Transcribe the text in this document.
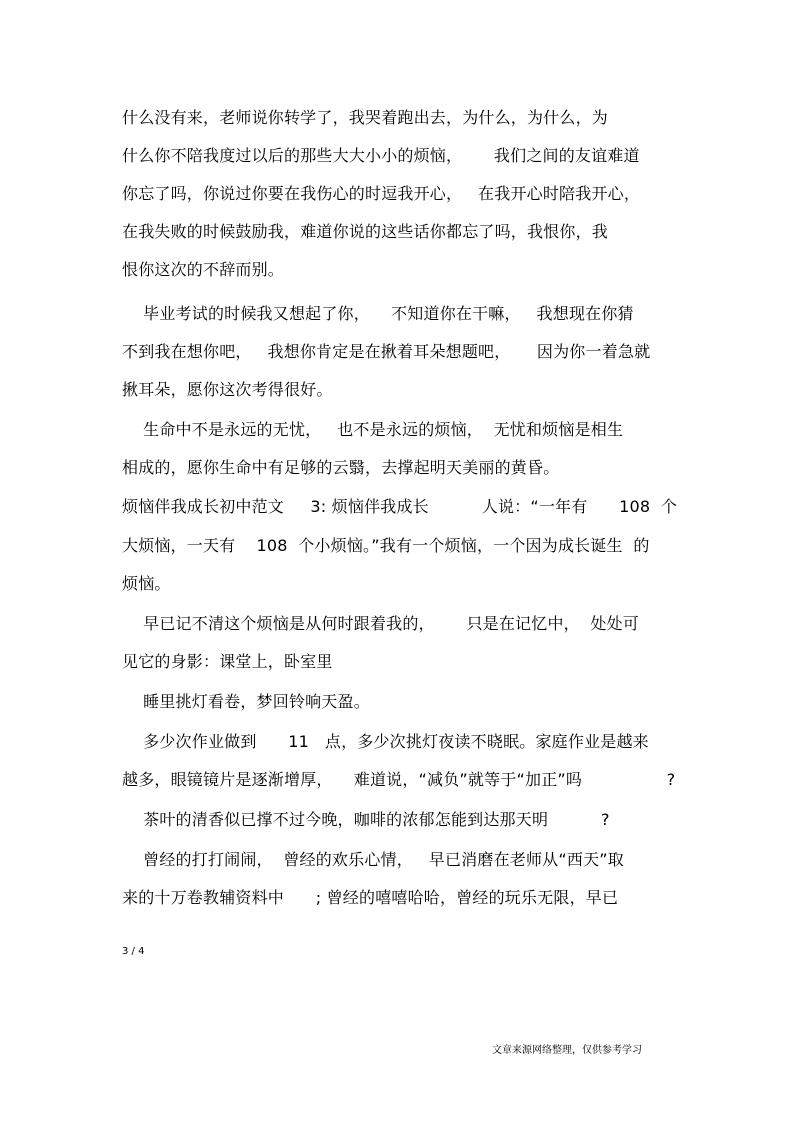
什么没有来，老师说你转学了，我哭着跑出去，为什么，为什么，为
什么你不陪我度过以后的那些大大小小的烦恼，      我们之间的友谊难道
你忘了吗，你说过你要在我伤心的时逗我开心，   在我开心时陪我开心，
在我失败的时候鼓励我，难道你说的这些话你都忘了吗，我恨你，我
恨你这次的不辞而别。
毕业考试的时候我又想起了你，    不知道你在干嘛，   我想现在你猜
不到我在想你吧，   我想你肯定是在揪着耳朵想题吧，     因为你一着急就
揪耳朵，愿你这次考得很好。
生命中不是永远的无忧，   也不是永远的烦恼，  无忧和烦恼是相生
相成的，愿你生命中有足够的云翳，去撑起明天美丽的黄昏。
烦恼伴我成长初中范文     3: 烦恼伴我成长          人说：“一年有      108  个
大烦恼，一天有    108  个小烦恼。”我有一个烦恼，一个因为成长诞生  的
烦恼。
早已记不清这个烦恼是从何时跟着我的，      只是在记忆中，  处处可
见它的身影：课堂上，卧室里
睡里挑灯看卷，梦回铃响天盈。
多少次作业做到      11   点，多少次挑灯夜读不晓眠。家庭作业是越来
越多，眼镜镜片是逐渐增厚，    难道说，“减负”就等于“加正”吗                ?
茶叶的清香似已撑不过今晚，咖啡的浓郁怎能到达那天明          ?
曾经的打打闹闹，  曾经的欢乐心情，   早已消磨在老师从“西天”取
来的十万卷教辅资料中      ; 曾经的嘻嘻哈哈，曾经的玩乐无限，早已
3 / 4
文章来源网络整理，仅供参考学习
